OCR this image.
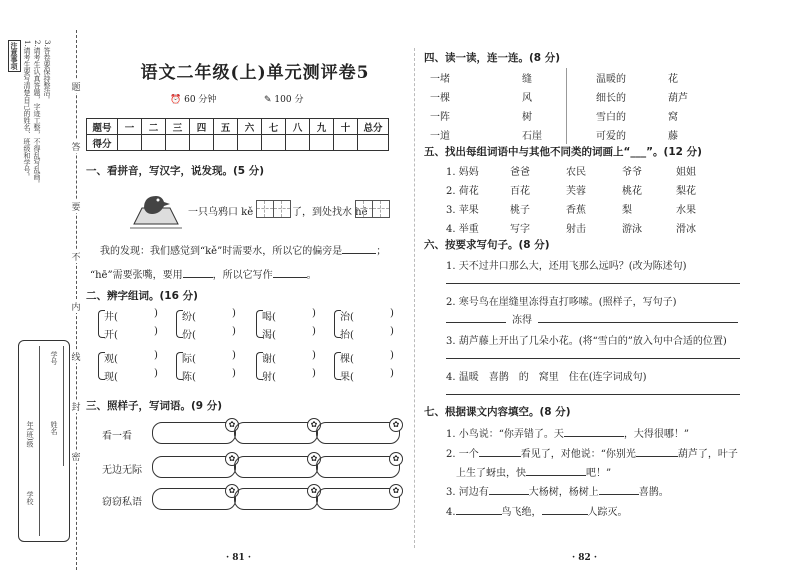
注意事项 1.请考生要写清楚自己的姓名、班级和学号。 2.请考生认真答题，字迹工整，不得乱写乱画。 3.答卷要保持整洁。 题
答
要
不
内
线
封
密
学校
年(班)级 姓名
学号
语文二年级(上)单元测评卷5
⏰ 60 分钟	✎ 100 分
题号	一	二	三	四	五	六	七	八	九	十	总分
得分											
一、看拼音，写汉字，说发现。(5 分)
一只乌鸦口 kě	了，到处找水 hē
我的发现：我们感觉到“kě”时需要水，所以它的偏旁是	；
“hē”需要张嘴，要用	，所以它写作	。
二、辨字组词。(16 分)
井(	)
开(	)
纷(	)
份(	)
喝(	)
渴(	)
治(	)
抬(	)
观(	)
现(	)
际(	)
陈(	)
谢(	)
射(	)
棵(	)
果(	)
三、照样子，写词语。(9 分)
看一看
无边无际
窃窃私语
✿	✿	✿
✿	✿	✿
✿	✿	✿
· 81 ·
四、读一读，连一连。(8 分)
一堵
一棵
一阵
一道
缝
风
树
石崖
温暖的
细长的
雪白的
可爱的
花
葫芦
窝
藤
五、找出每组词语中与其他不同类的词画上“___”。(12 分)
1. 妈妈	爸爸	农民	爷爷	姐姐
2. 荷花	百花	芙蓉	桃花	梨花
3. 苹果	桃子	香蕉	梨	水果
4. 举重	写字	射击	游泳	滑冰
六、按要求写句子。(8 分)
1. 天不过井口那么大，还用飞那么远吗？(改为陈述句)
2. 寒号鸟在崖缝里冻得直打哆嗦。(照样子，写句子)
冻得
3. 葫芦藤上开出了几朵小花。(将“雪白的”放入句中合适的位置)
4. 温暖　喜鹊　的　窝里　住在(连字词成句)
七、根据课文内容填空。(8 分)
1. 小鸟说：“你弄错了。天	，大得很哪！”
2. 一个	看见了，对他说：“你别光	葫芦了，叶子
上生了蚜虫，快	吧！”
3. 河边有	大杨树，杨树上	喜鹊。
4.	鸟飞绝，	人踪灭。
· 82 ·
